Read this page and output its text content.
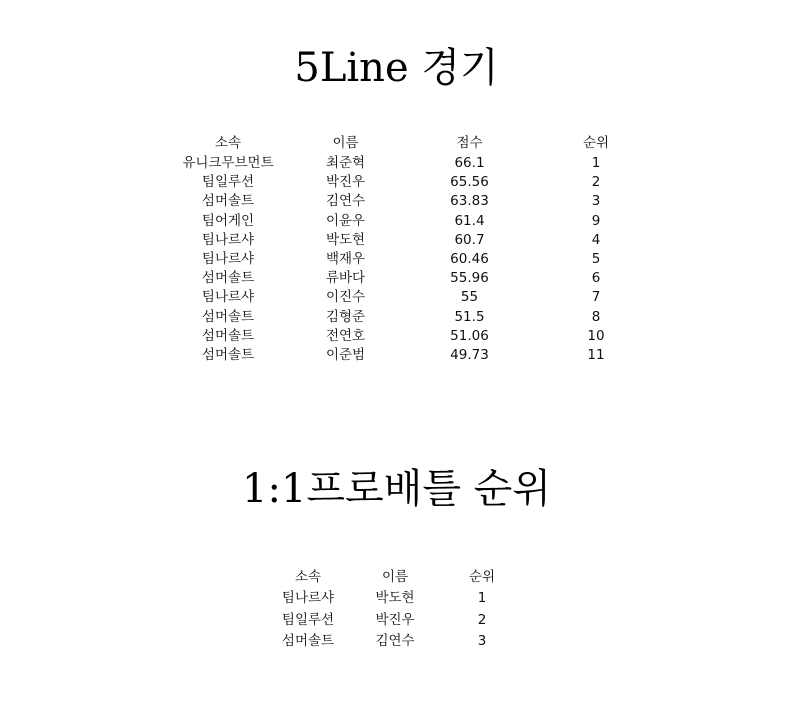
5Line 경기
소속	이름	점수	순위
유니크무브먼트	최준혁	66.1	1
팀일루션	박진우	65.56	2
섬머솔트	김연수	63.83	3
팀어게인	이윤우	61.4	9
팀나르샤	박도현	60.7	4
팀나르샤	백재우	60.46	5
섬머솔트	류바다	55.96	6
팀나르샤	이진수	55	7
섬머솔트	김형준	51.5	8
섬머솔트	전연호	51.06	10
섬머솔트	이준범	49.73	11
1:1프로배틀 순위
소속	이름	순위
팀나르샤	박도현	1
팀일루션	박진우	2
섬머솔트	김연수	3
